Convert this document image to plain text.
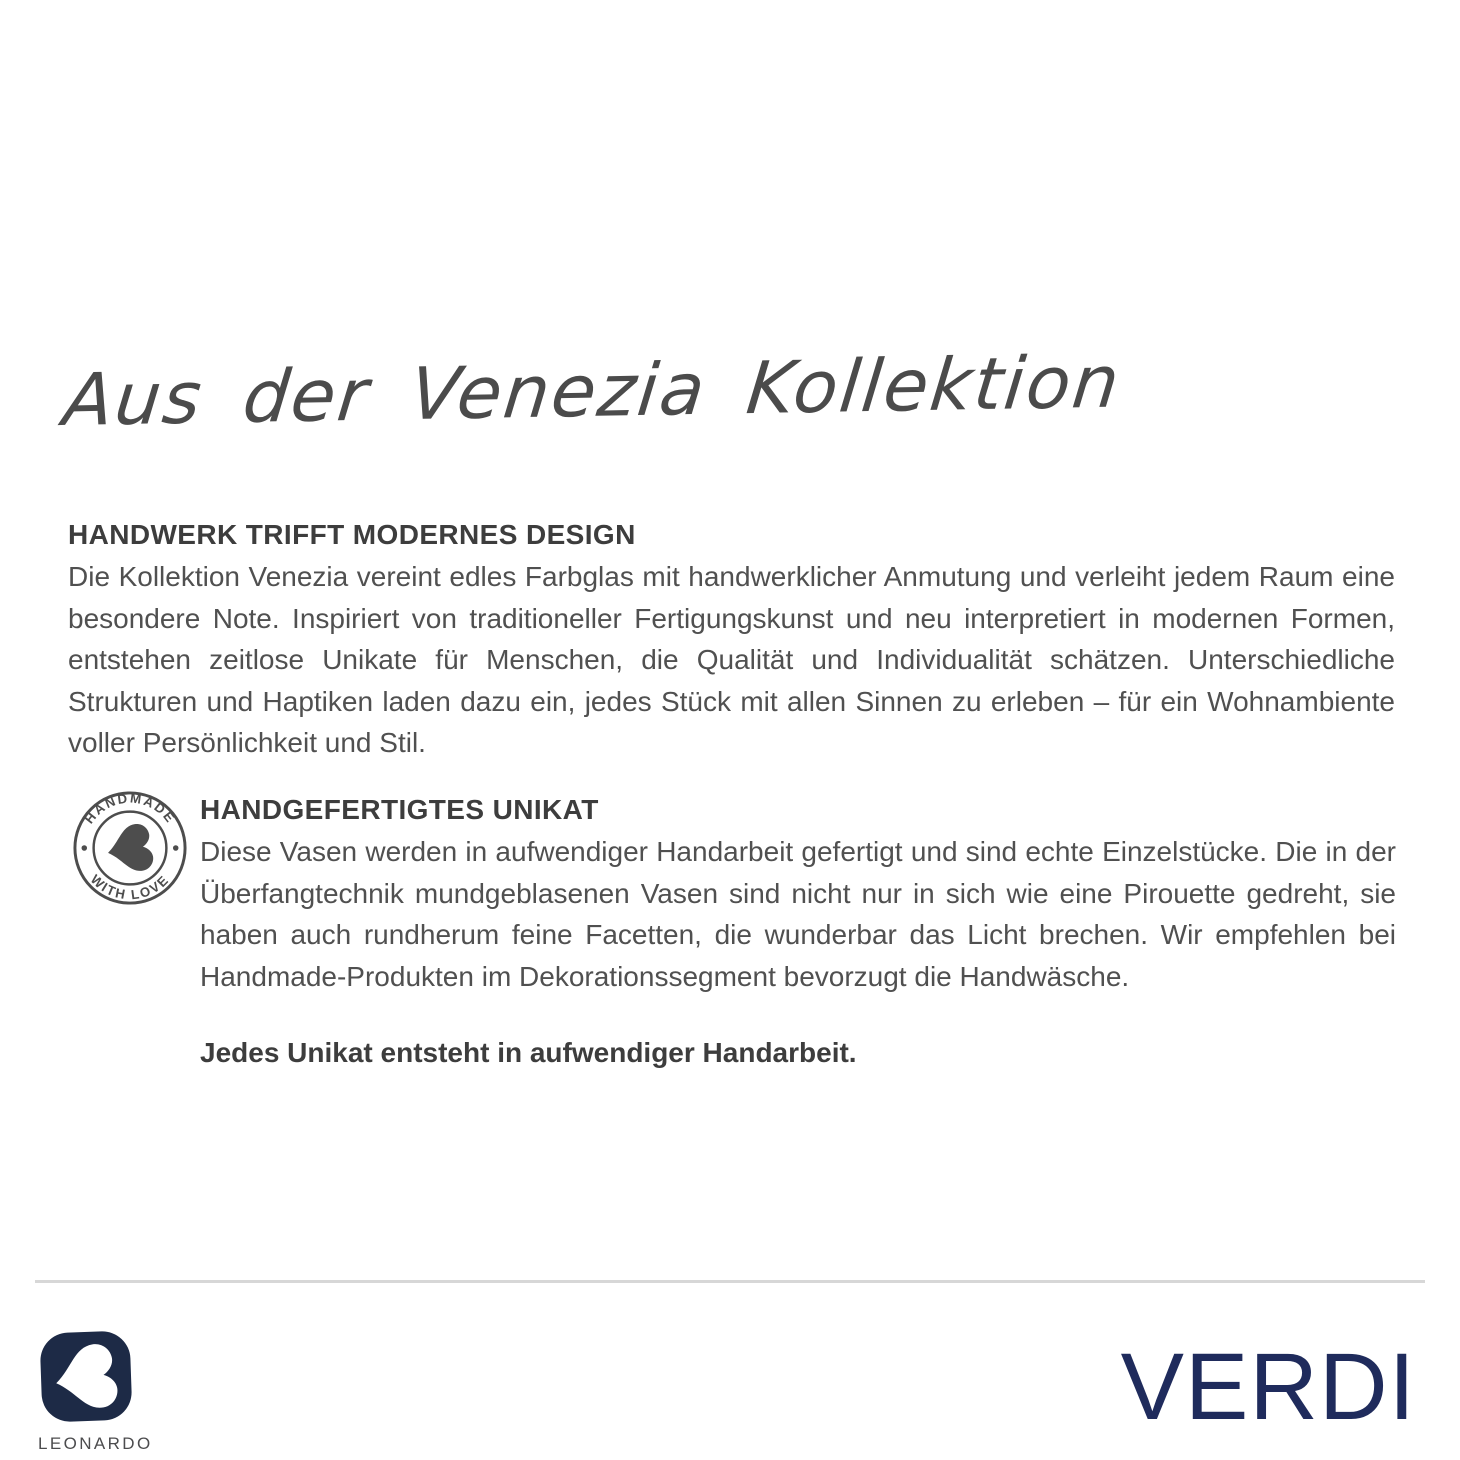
Aus der Venezia Kollektion
HANDWERK TRIFFT MODERNES DESIGN
Die Kollektion Venezia vereint edles Farbglas mit handwerklicher Anmutung und verleiht jedem Raum eine besondere Note. Inspiriert von traditioneller Fertigungskunst und neu interpretiert in modernen Formen, entstehen zeitlose Unikate für Menschen, die Qualität und Individualität schätzen. Unterschiedliche Strukturen und Haptiken laden dazu ein, jedes Stück mit allen Sinnen zu erleben – für ein Wohnambiente voller Persönlichkeit und Stil.
HANDMADE
WITH LOVE
HANDGEFERTIGTES UNIKAT
Diese Vasen werden in aufwendiger Handarbeit gefertigt und sind echte Einzelstücke. Die in der Überfangtechnik mundgeblasenen Vasen sind nicht nur in sich wie eine Pirouette gedreht, sie haben auch rundherum feine Facetten, die wunderbar das Licht brechen. Wir empfehlen bei Handmade-Produkten im Dekorationssegment bevorzugt die Handwäsche.
Jedes Unikat entsteht in aufwendiger Handarbeit.
LEONARDO
VERDI
